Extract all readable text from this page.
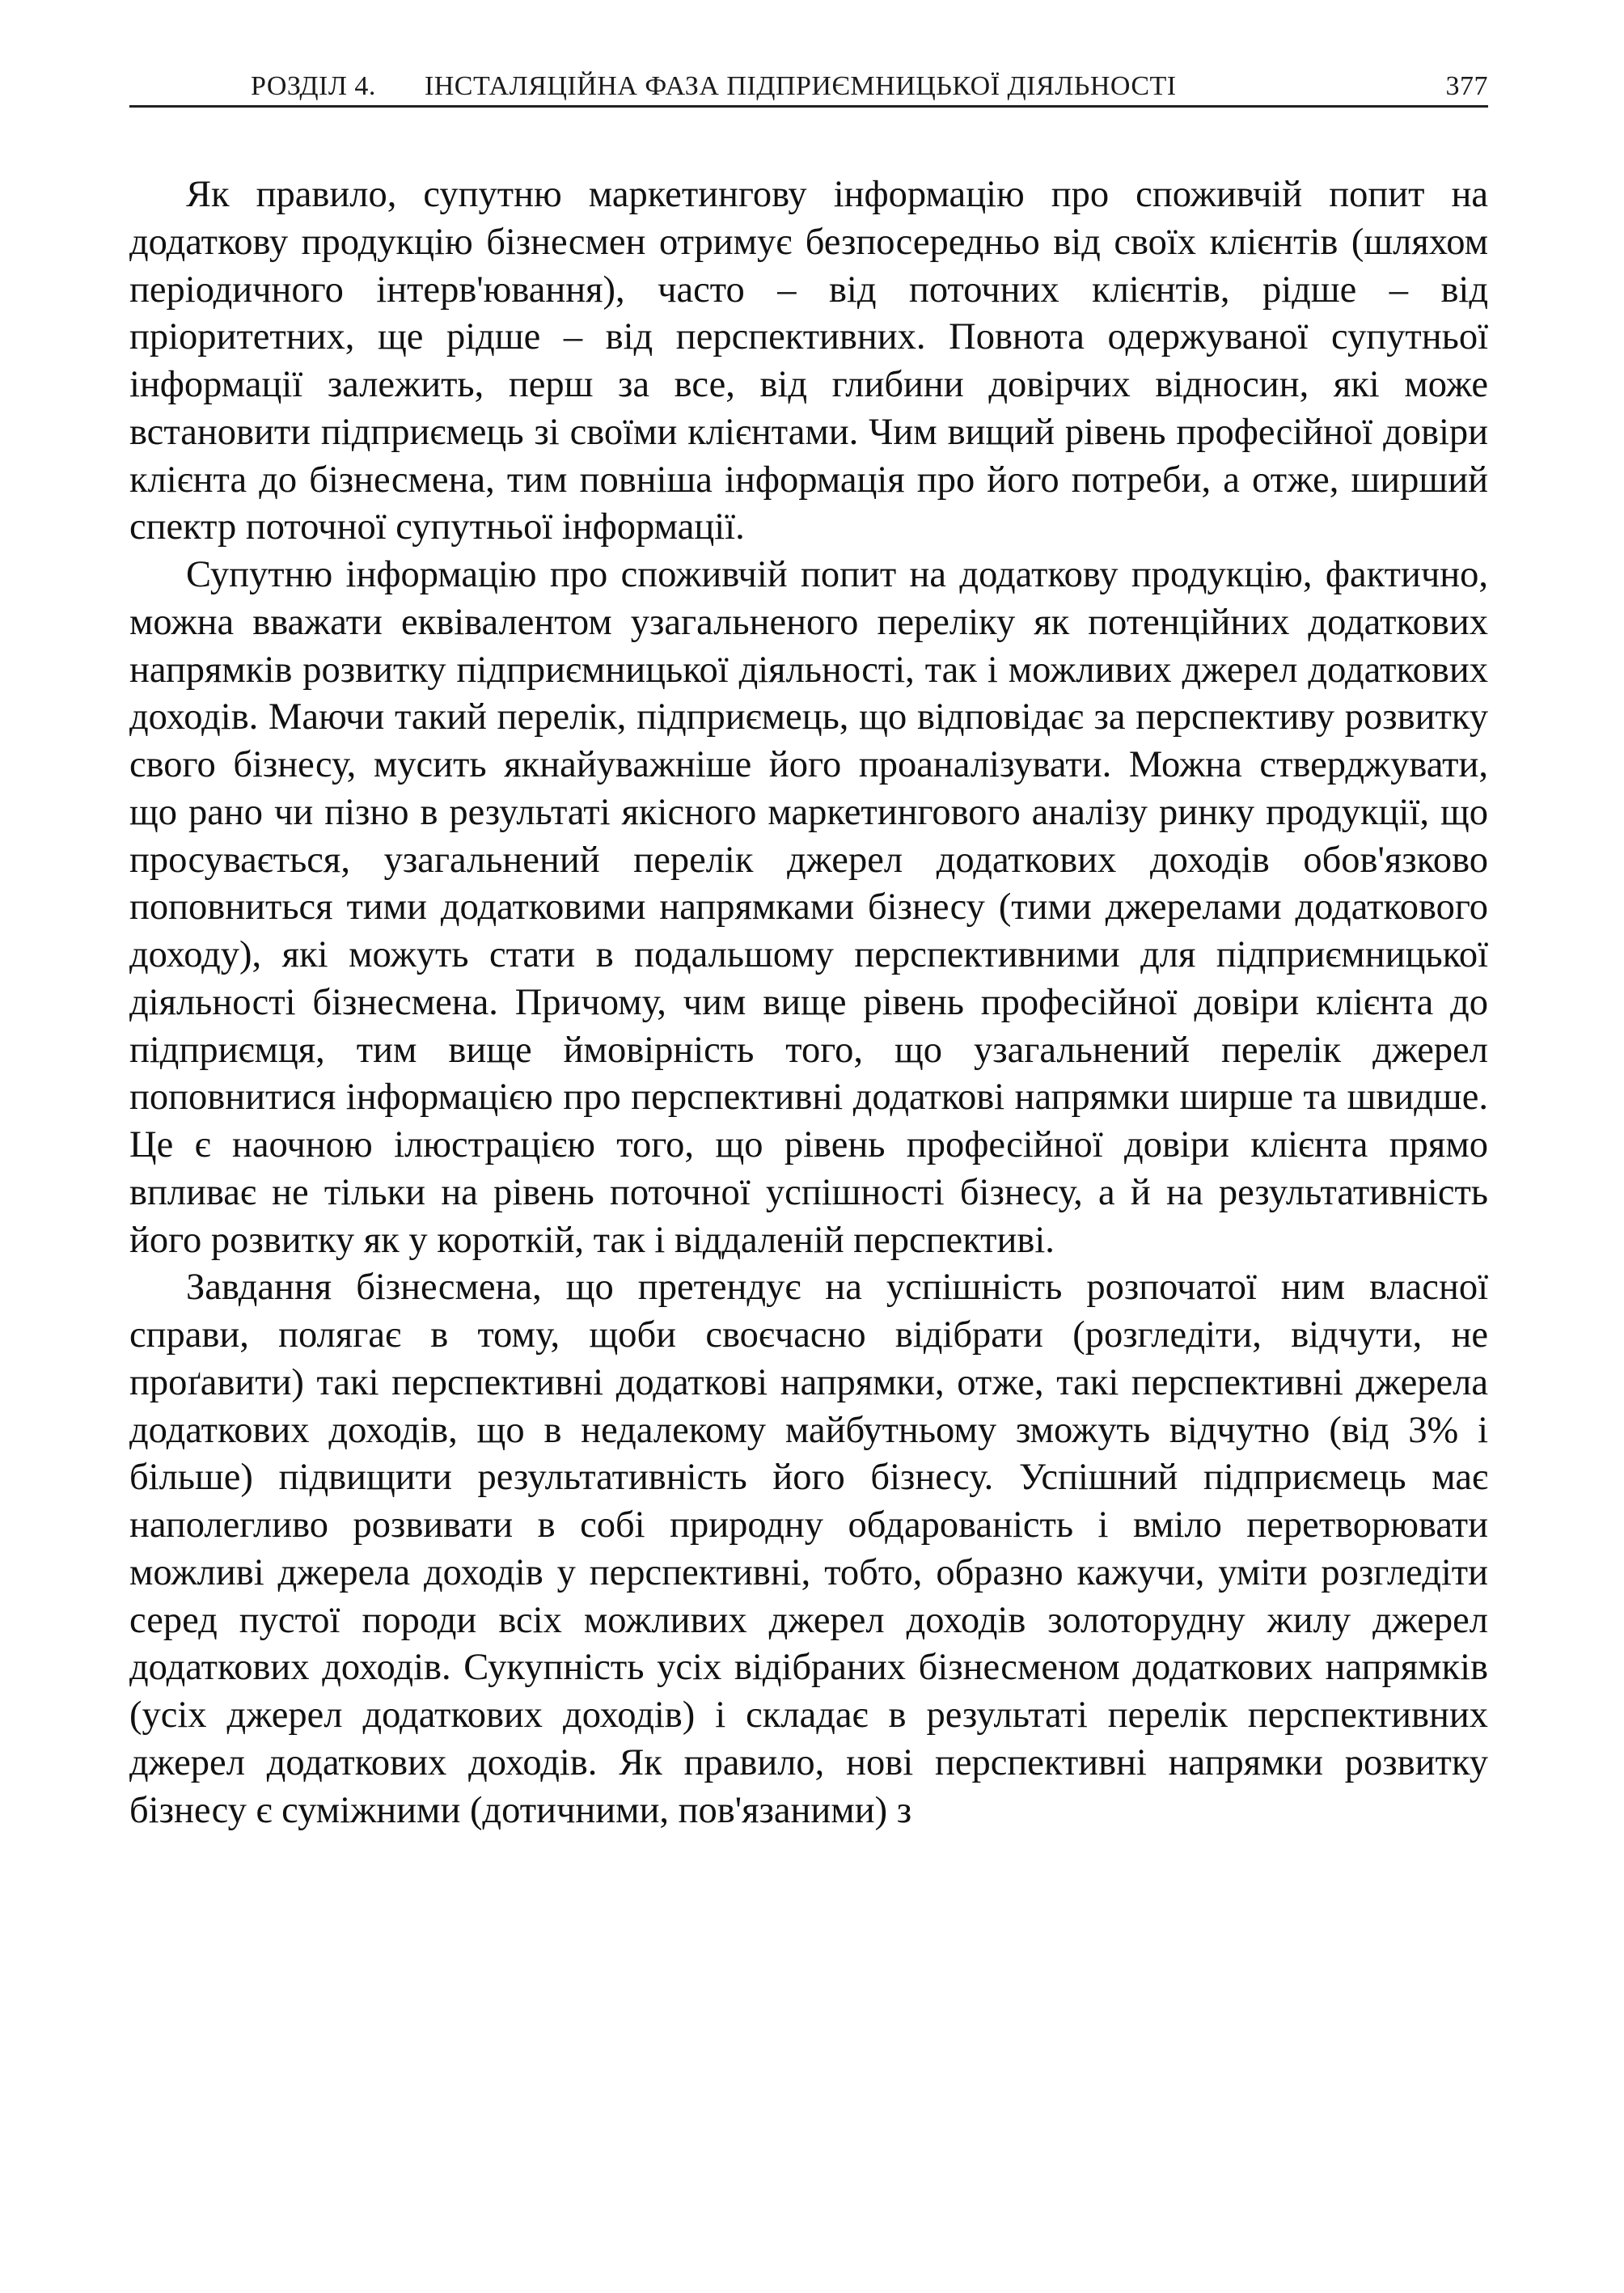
РОЗДІЛ 4. ІНСТАЛЯЦІЙНА ФАЗА ПІДПРИЄМНИЦЬКОЇ ДІЯЛЬНОСТІ	377

Як правило, супутню маркетингову інформацію про споживчій попит на додаткову продукцію бізнесмен отримує безпосередньо від своїх клієнтів (шляхом періодичного інтерв'ювання), часто – від поточних клієнтів, рідше – від пріоритетних, ще рідше – від перспективних. Повнота одержуваної супутньої інформації залежить, перш за все, від глибини довірчих відносин, які може встановити підприємець зі своїми клієнтами. Чим вищий рівень професійної довіри клієнта до бізнесмена, тим повніша інформація про його потреби, а отже, ширший спектр поточної супутньої інформації.

Супутню інформацію про споживчій попит на додаткову продукцію, фактично, можна вважати еквівалентом узагальненого переліку як потенційних додаткових напрямків розвитку підприємницької діяльності, так і можливих джерел додаткових доходів. Маючи такий перелік, підприємець, що відповідає за перспективу розвитку свого бізнесу, мусить якнайуважніше його проаналізувати. Можна стверджувати, що рано чи пізно в результаті якісного маркетингового аналізу ринку продукції, що просувається, узагальнений перелік джерел додаткових доходів обов'язково поповниться тими додатковими напрямками бізнесу (тими джерелами додаткового доходу), які можуть стати в подальшому перспективними для підприємницької діяльності бізнесмена. Причому, чим вище рівень професійної довіри клієнта до підприємця, тим вище ймовірність того, що узагальнений перелік джерел поповнитися інформацією про перспективні додаткові напрямки ширше та швидше. Це є наочною ілюстрацією того, що рівень професійної довіри клієнта прямо впливає не тільки на рівень поточної успішності бізнесу, а й на результативність його розвитку як у короткій, так і віддаленій перспективі.

Завдання бізнесмена, що претендує на успішність розпочатої ним власної справи, полягає в тому, щоби своєчасно відібрати (розгледіти, відчути, не проґавити) такі перспективні додаткові напрямки, отже, такі перспективні джерела додаткових доходів, що в недалекому майбутньому зможуть відчутно (від 3% і більше) підвищити результативність його бізнесу. Успішний підприємець має наполегливо розвивати в собі природну обдарованість і вміло перетворювати можливі джерела доходів у перспективні, тобто, образно кажучи, уміти розгледіти серед пустої породи всіх можливих джерел доходів золоторудну жилу джерел додаткових доходів. Сукупність усіх відібраних бізнесменом додаткових напрямків (усіх джерел додаткових доходів) і складає в результаті перелік перспективних джерел додаткових доходів. Як правило, нові перспективні напрямки розвитку бізнесу є суміжними (дотичними, пов'язаними) з
